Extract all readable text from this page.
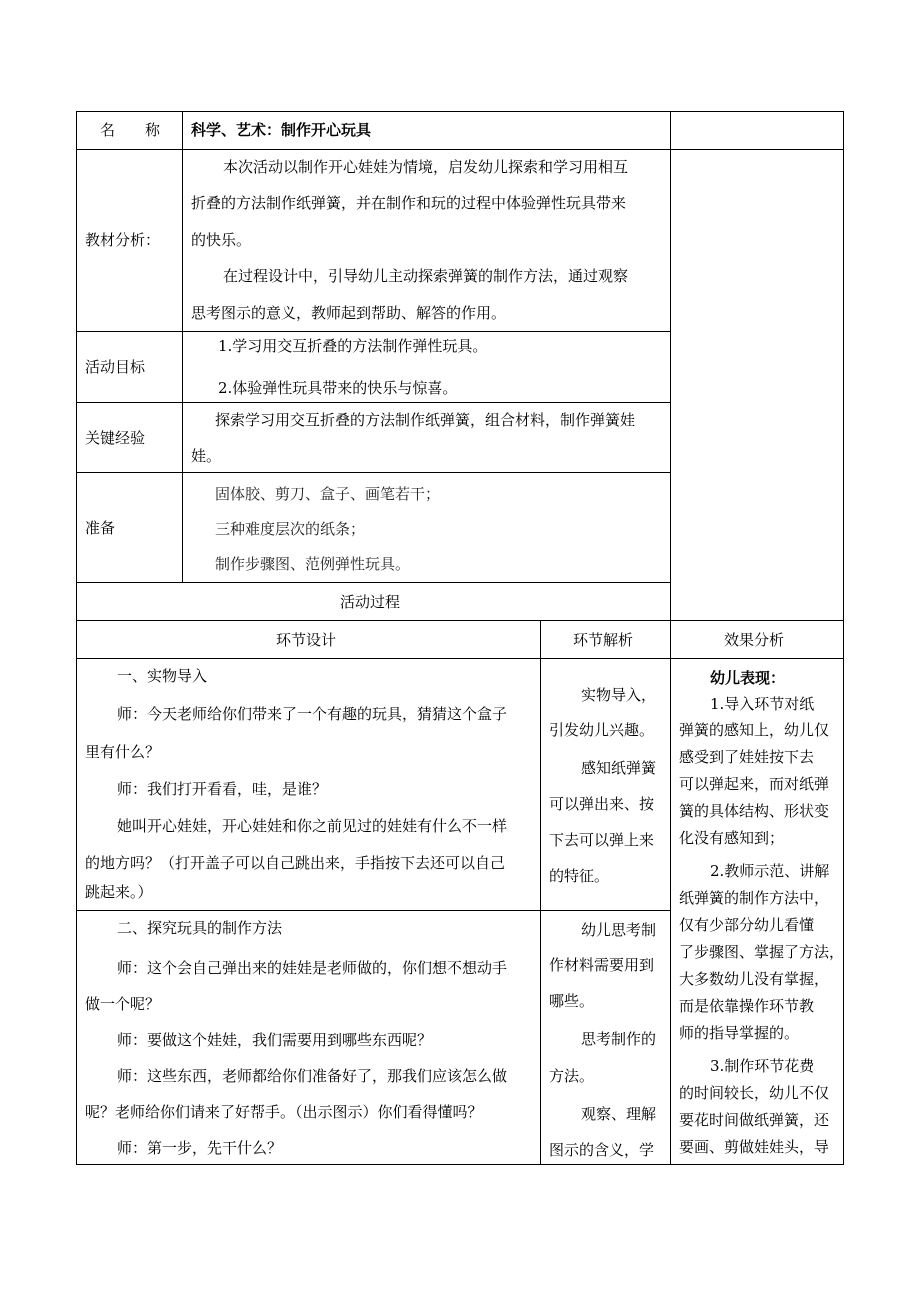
名　　称 科学、艺术：制作开心玩具
教材分析：
本次活动以制作开心娃娃为情境，启发幼儿探索和学习用相互
折叠的方法制作纸弹簧，并在制作和玩的过程中体验弹性玩具带来
的快乐。
在过程设计中，引导幼儿主动探索弹簧的制作方法，通过观察
思考图示的意义，教师起到帮助、解答的作用。
活动目标
1.学习用交互折叠的方法制作弹性玩具。
2.体验弹性玩具带来的快乐与惊喜。
关键经验
探索学习用交互折叠的方法制作纸弹簧，组合材料，制作弹簧娃
娃。
准备
固体胶、剪刀、盒子、画笔若干；
三种难度层次的纸条；
制作步骤图、范例弹性玩具。
活动过程
环节设计	环节解析	效果分析
一、实物导入
师：今天老师给你们带来了一个有趣的玩具，猜猜这个盒子
里有什么？
师：我们打开看看，哇，是谁？
她叫开心娃娃，开心娃娃和你之前见过的娃娃有什么不一样
的地方吗？（打开盖子可以自己跳出来，手指按下去还可以自己
跳起来。）
实物导入，
引发幼儿兴趣。
感知纸弹簧
可以弹出来、按
下去可以弹上来
的特征。
二、探究玩具的制作方法
师：这个会自己弹出来的娃娃是老师做的，你们想不想动手
做一个呢？
师：要做这个娃娃，我们需要用到哪些东西呢？
师：这些东西，老师都给你们准备好了，那我们应该怎么做
呢？老师给你们请来了好帮手。（出示图示）你们看得懂吗？
师：第一步，先干什么？
幼儿思考制
作材料需要用到
哪些。
思考制作的
方法。
观察、理解
图示的含义，学
幼儿表现：
1.导入环节对纸
弹簧的感知上，幼儿仅
感受到了娃娃按下去
可以弹起来，而对纸弹
簧的具体结构、形状变
化没有感知到；
2.教师示范、讲解
纸弹簧的制作方法中，
仅有少部分幼儿看懂
了步骤图、掌握了方法，
大多数幼儿没有掌握，
而是依靠操作环节教
师的指导掌握的。
3.制作环节花费
的时间较长，幼儿不仅
要花时间做纸弹簧，还
要画、剪做娃娃头，导
